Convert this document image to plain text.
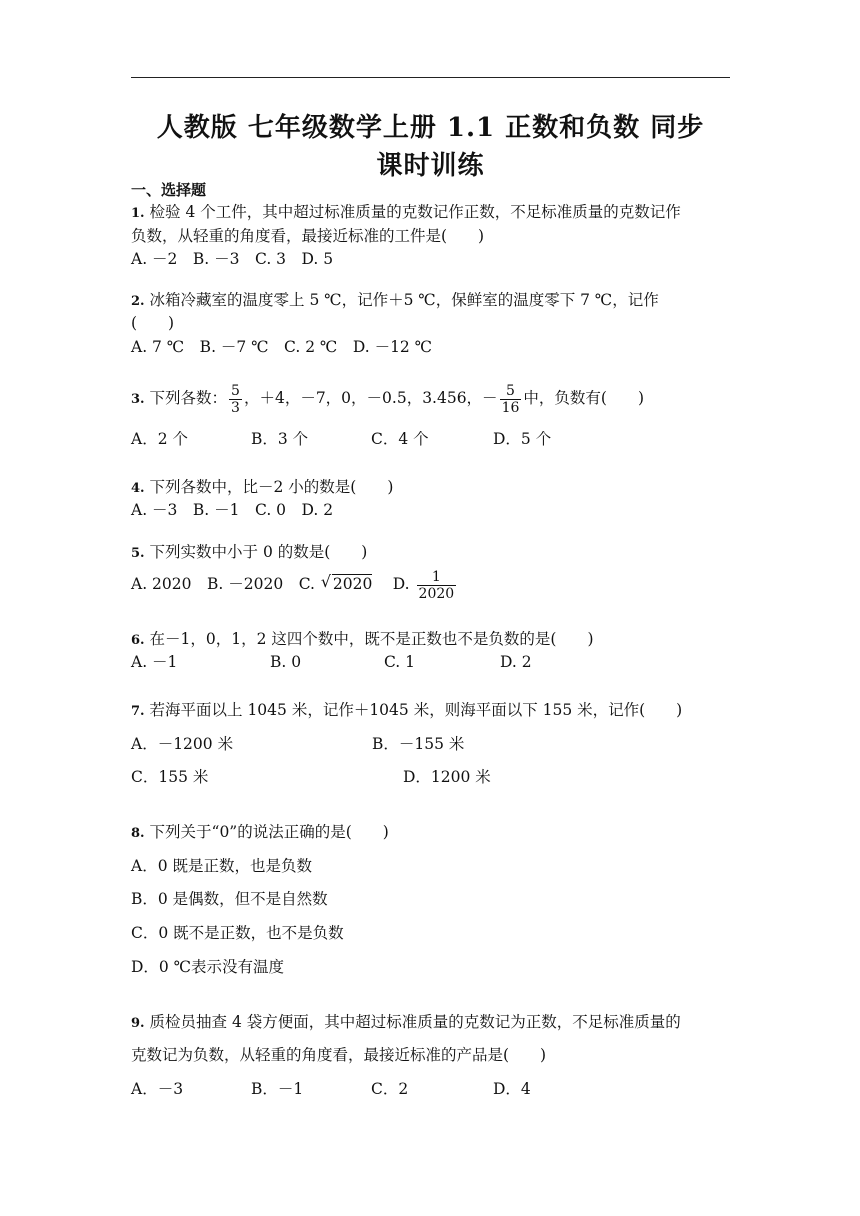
人教版 七年级数学上册 1.1 正数和负数 同步
课时训练
一、选择题
1. 检验 4 个工件，其中超过标准质量的克数记作正数，不足标准质量的克数记作
负数，从轻重的角度看，最接近标准的工件是(　　)
A. －2　B. －3　C. 3　D. 5
2. 冰箱冷藏室的温度零上 5 ℃，记作＋5 ℃，保鲜室的温度零下 7 ℃，记作
(　　)
A. 7 ℃　B. －7 ℃　C. 2 ℃　D. －12 ℃
3. 下列各数： $\frac{5}{3}$ ，＋4，－7，0，－0.5，3.456，－ $\frac{5}{16}$ 中，负数有(　　)
A．2 个	B．3 个	C．4 个	D．5 个
4. 下列各数中，比－2 小的数是(　　)
A. －3　B. －1　C. 0　D. 2
5. 下列实数中小于 0 的数是(　　)
A. 2020　 B. －2020　 C. √ 2020　 D. $\frac{1}{2020}$
6. 在－1，0，1，2 这四个数中，既不是正数也不是负数的是(　　)
A. －1	B. 0	C. 1	D. 2
7. 若海平面以上 1045 米，记作＋1045 米，则海平面以下 155 米，记作(　　)
A．－1200 米	B．－155 米
C．155 米	D．1200 米
8. 下列关于“0”的说法正确的是(　　)
A．0 既是正数，也是负数
B．0 是偶数，但不是自然数
C．0 既不是正数，也不是负数
D．0 ℃表示没有温度
9. 质检员抽查 4 袋方便面，其中超过标准质量的克数记为正数，不足标准质量的
克数记为负数，从轻重的角度看，最接近标准的产品是(　　)
A．－3	B．－1	C．2	D．4
